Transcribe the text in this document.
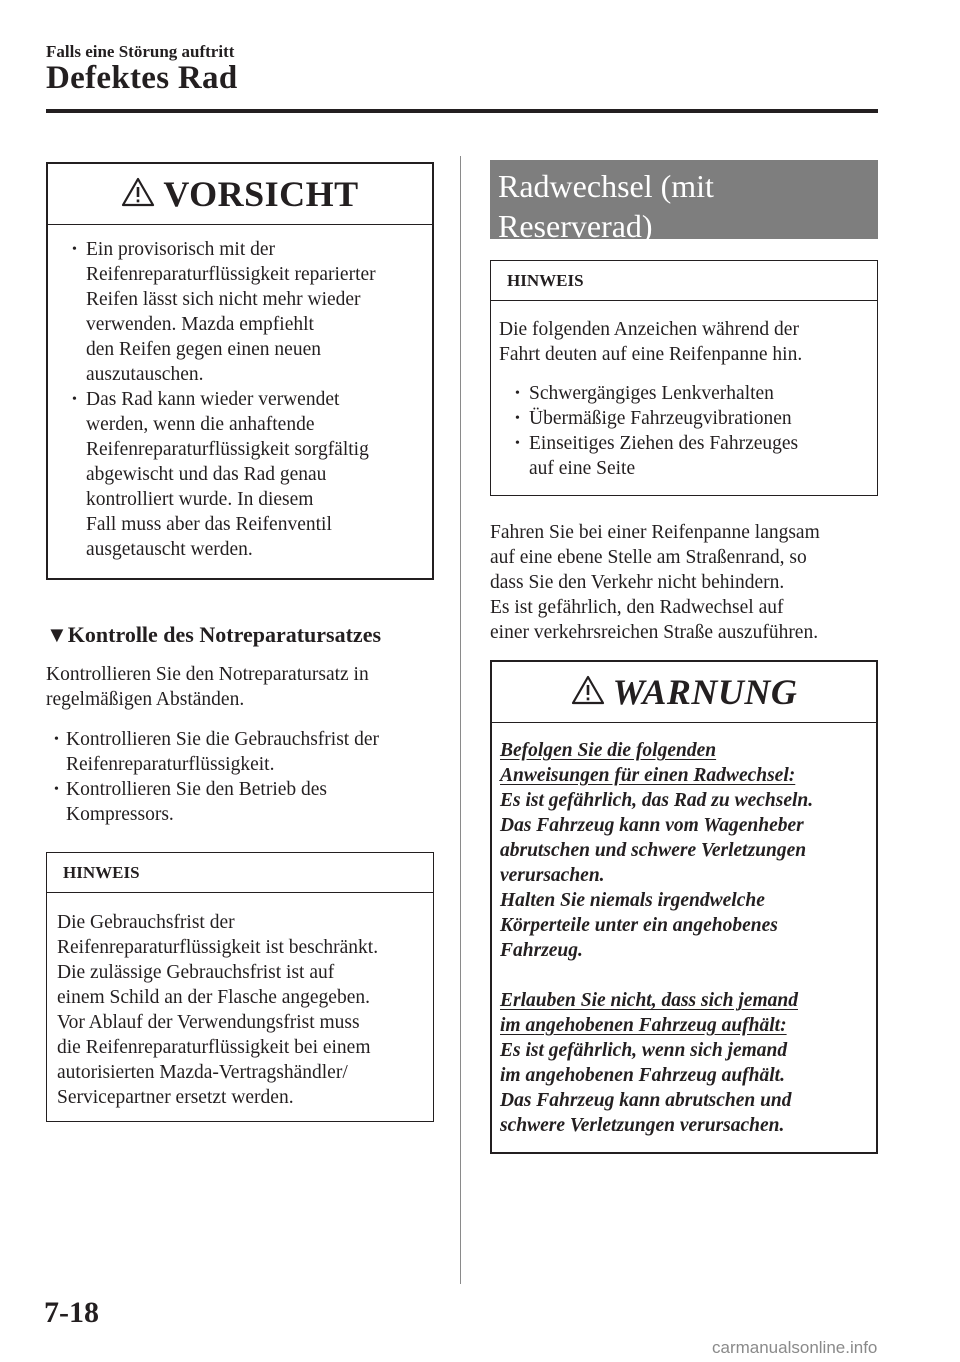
Falls eine Störung auftritt
Defektes Rad
VORSICHT
• Ein provisorisch mit der
Reifenreparaturflüssigkeit reparierter
Reifen lässt sich nicht mehr wieder
verwenden. Mazda empfiehlt
den Reifen gegen einen neuen
auszutauschen.
• Das Rad kann wieder verwendet
werden, wenn die anhaftende
Reifenreparaturflüssigkeit sorgfältig
abgewischt und das Rad genau
kontrolliert wurde. In diesem
Fall muss aber das Reifenventil
ausgetauscht werden.
▼Kontrolle des Notreparatursatzes
Kontrollieren Sie den Notreparatursatz in
regelmäßigen Abständen.
• Kontrollieren Sie die Gebrauchsfrist der
Reifenreparaturflüssigkeit.
• Kontrollieren Sie den Betrieb des
Kompressors.
HINWEIS
Die Gebrauchsfrist der
Reifenreparaturflüssigkeit ist beschränkt.
Die zulässige Gebrauchsfrist ist auf
einem Schild an der Flasche angegeben.
Vor Ablauf der Verwendungsfrist muss
die Reifenreparaturflüssigkeit bei einem
autorisierten Mazda-Vertragshändler/
Servicepartner ersetzt werden.
Radwechsel (mit
Reserverad)
HINWEIS
Die folgenden Anzeichen während der
Fahrt deuten auf eine Reifenpanne hin.
• Schwergängiges Lenkverhalten
• Übermäßige Fahrzeugvibrationen
• Einseitiges Ziehen des Fahrzeuges
auf eine Seite
Fahren Sie bei einer Reifenpanne langsam
auf eine ebene Stelle am Straßenrand, so
dass Sie den Verkehr nicht behindern.
Es ist gefährlich, den Radwechsel auf
einer verkehrsreichen Straße auszuführen.
WARNUNG
Befolgen Sie die folgenden
Anweisungen für einen Radwechsel:
Es ist gefährlich, das Rad zu wechseln.
Das Fahrzeug kann vom Wagenheber
abrutschen und schwere Verletzungen
verursachen.
Halten Sie niemals irgendwelche
Körperteile unter ein angehobenes
Fahrzeug.
Erlauben Sie nicht, dass sich jemand
im angehobenen Fahrzeug aufhält:
Es ist gefährlich, wenn sich jemand
im angehobenen Fahrzeug aufhält.
Das Fahrzeug kann abrutschen und
schwere Verletzungen verursachen.
7-18
carmanualsonline.info
